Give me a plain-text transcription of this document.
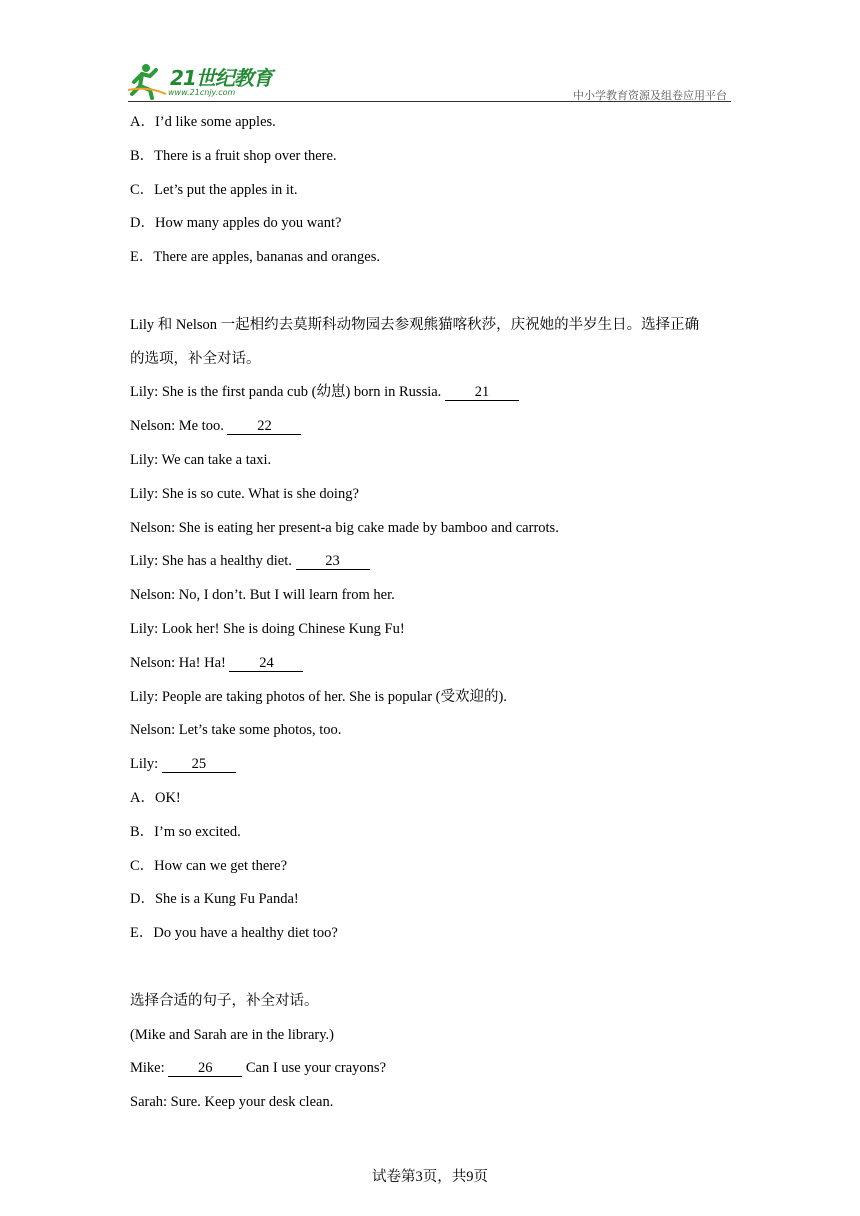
21世纪教育
www.21cnjy.com	中小学教育资源及组卷应用平台
A．I’d like some apples.
B．There is a fruit shop over there.
C．Let’s put the apples in it.
D．How many apples do you want?
E．There are apples, bananas and oranges.
Lily 和 Nelson 一起相约去莫斯科动物园去参观熊猫喀秋莎，庆祝她的半岁生日。选择正确
的选项，补全对话。
Lily: She is the first panda cub (幼崽) born in Russia. 21
Nelson: Me too. 22
Lily: We can take a taxi.
Lily: She is so cute. What is she doing?
Nelson: She is eating her present-a big cake made by bamboo and carrots.
Lily: She has a healthy diet. 23
Nelson: No, I don’t. But I will learn from her.
Lily: Look her! She is doing Chinese Kung Fu!
Nelson: Ha! Ha! 24
Lily: People are taking photos of her. She is popular (受欢迎的).
Nelson: Let’s take some photos, too.
Lily: 25
A．OK!
B．I’m so excited.
C．How can we get there?
D．She is a Kung Fu Panda!
E．Do you have a healthy diet too?
选择合适的句子，补全对话。
(Mike and Sarah are in the library.)
Mike: 26 Can I use your crayons?
Sarah: Sure. Keep your desk clean.
试卷第3页，共9页
